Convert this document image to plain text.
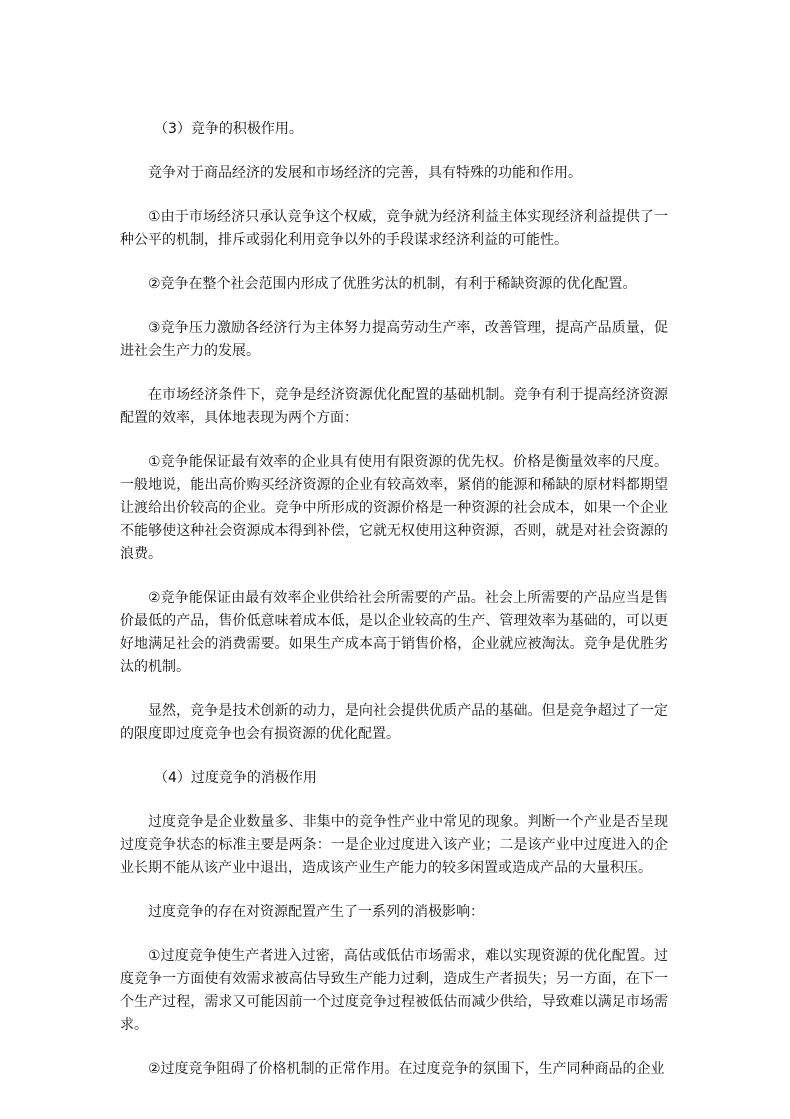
（3）竞争的积极作用。

竞争对于商品经济的发展和市场经济的完善，具有特殊的功能和作用。

①由于市场经济只承认竞争这个权威，竞争就为经济利益主体实现经济利益提供了一种公平的机制，排斥或弱化利用竞争以外的手段谋求经济利益的可能性。

②竞争在整个社会范围内形成了优胜劣汰的机制，有利于稀缺资源的优化配置。

③竞争压力激励各经济行为主体努力提高劳动生产率，改善管理，提高产品质量，促进社会生产力的发展。

在市场经济条件下，竞争是经济资源优化配置的基础机制。竞争有利于提高经济资源配置的效率，具体地表现为两个方面：

①竞争能保证最有效率的企业具有使用有限资源的优先权。价格是衡量效率的尺度。一般地说，能出高价购买经济资源的企业有较高效率，紧俏的能源和稀缺的原材料都期望让渡给出价较高的企业。竞争中所形成的资源价格是一种资源的社会成本，如果一个企业不能够使这种社会资源成本得到补偿，它就无权使用这种资源，否则，就是对社会资源的浪费。

②竞争能保证由最有效率企业供给社会所需要的产品。社会上所需要的产品应当是售价最低的产品，售价低意味着成本低，是以企业较高的生产、管理效率为基础的，可以更好地满足社会的消费需要。如果生产成本高于销售价格，企业就应被淘汰。竞争是优胜劣汰的机制。

显然，竞争是技术创新的动力，是向社会提供优质产品的基础。但是竞争超过了一定的限度即过度竞争也会有损资源的优化配置。

（4）过度竞争的消极作用

过度竞争是企业数量多、非集中的竞争性产业中常见的现象。判断一个产业是否呈现过度竞争状态的标准主要是两条：一是企业过度进入该产业；二是该产业中过度进入的企业长期不能从该产业中退出，造成该产业生产能力的较多闲置或造成产品的大量积压。

过度竞争的存在对资源配置产生了一系列的消极影响：

①过度竞争使生产者进入过密，高估或低估市场需求，难以实现资源的优化配置。过度竞争一方面使有效需求被高估导致生产能力过剩，造成生产者损失；另一方面，在下一个生产过程，需求又可能因前一个过度竞争过程被低估而减少供给，导致难以满足市场需求。

②过度竞争阻碍了价格机制的正常作用。在过度竞争的氛围下，生产同种商品的企业
